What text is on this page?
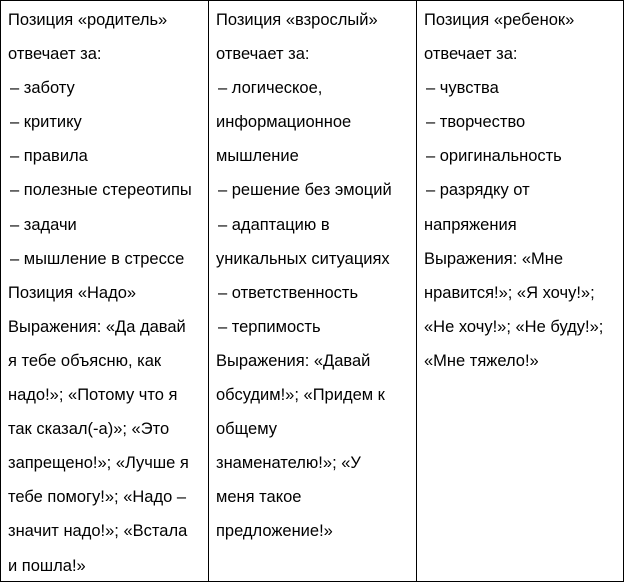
Позиция «родитель»
отвечает за:
– заботу
– критику
– правила
– полезные стереотипы
– задачи
– мышление в стрессе
Позиция «Надо»
Выражения: «Да давай
я тебе объясню, как
надо!»; «Потому что я
так сказал(-а)»; «Это
запрещено!»; «Лучше я
тебе помогу!»; «Надо –
значит надо!»; «Встала
и пошла!»
Позиция «взрослый»
отвечает за:
– логическое,
информационное
мышление
– решение без эмоций
– адаптацию в
уникальных ситуациях
– ответственность
– терпимость
Выражения: «Давай
обсудим!»; «Придем к
общему
знаменателю!»; «У
меня такое
предложение!»
Позиция «ребенок»
отвечает за:
– чувства
– творчество
– оригинальность
– разрядку от
напряжения
Выражения: «Мне
нравится!»; «Я хочу!»;
«Не хочу!»; «Не буду!»;
«Мне тяжело!»
